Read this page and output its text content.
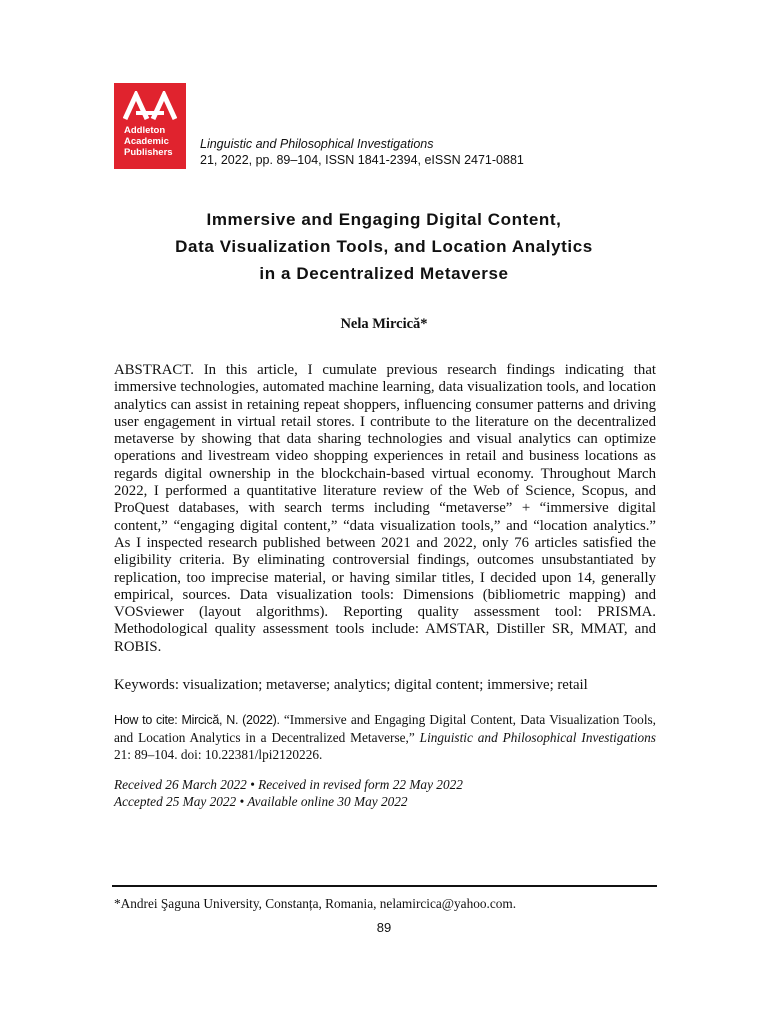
Addleton
Academic
Publishers
Linguistic and Philosophical Investigations
21, 2022, pp. 89–104, ISSN 1841-2394, eISSN 2471-0881
Immersive and Engaging Digital Content,
Data Visualization Tools, and Location Analytics
in a Decentralized Metaverse
Nela Mircică*
ABSTRACT. In this article, I cumulate previous research findings indicating that immersive technologies, automated machine learning, data visualization tools, and location analytics can assist in retaining repeat shoppers, influencing consumer patterns and driving user engagement in virtual retail stores. I contribute to the literature on the decentralized metaverse by showing that data sharing technologies and visual analytics can optimize operations and livestream video shopping experiences in retail and business locations as regards digital ownership in the blockchain-based virtual economy. Throughout March 2022, I performed a quantitative literature review of the Web of Science, Scopus, and ProQuest databases, with search terms including “metaverse” + “immersive digital content,” “engaging digital content,” “data visualization tools,” and “location analytics.” As I inspected research published between 2021 and 2022, only 76 articles satisfied the eligibility criteria. By eliminating controversial findings, outcomes unsubstantiated by replication, too imprecise material, or having similar titles, I decided upon 14, generally empirical, sources. Data visualization tools: Dimensions (bibliometric mapping) and VOSviewer (layout algorithms). Reporting quality assessment tool: PRISMA. Methodological quality assessment tools include: AMSTAR, Distiller SR, MMAT, and ROBIS.
Keywords: visualization; metaverse; analytics; digital content; immersive; retail
How to cite: Mircică, N. (2022). “Immersive and Engaging Digital Content, Data Visualization Tools, and Location Analytics in a Decentralized Metaverse,” Linguistic and Philosophical Investigations 21: 89–104. doi: 10.22381/lpi2120226.
Received 26 March 2022 • Received in revised form 22 May 2022
Accepted 25 May 2022 • Available online 30 May 2022
*Andrei Şaguna University, Constanța, Romania, nelamircica@yahoo.com.
89
